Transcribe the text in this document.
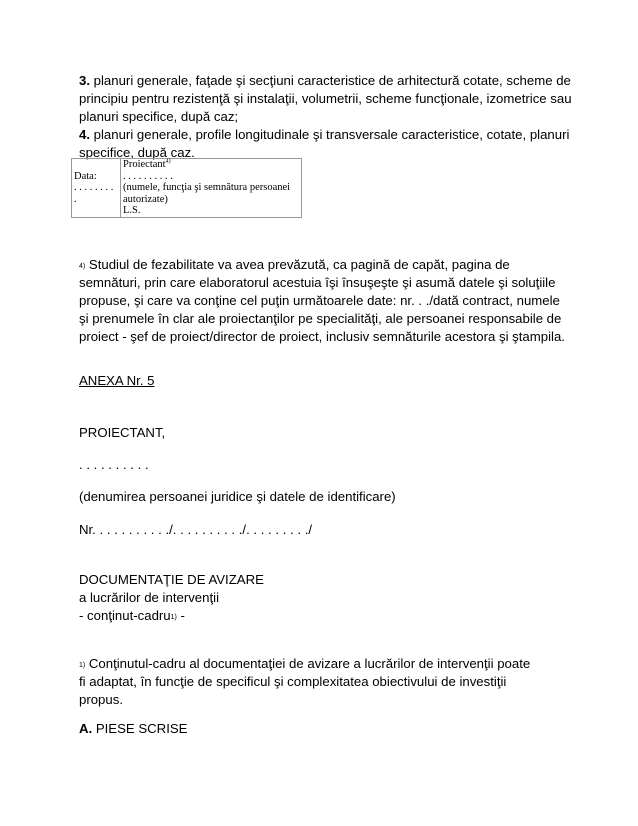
3. planuri generale, faţade şi secţiuni caracteristice de arhitectură cotate, scheme de principiu pentru rezistenţă şi instalaţii, volumetrii, scheme funcţionale, izometrice sau planuri specifice, după caz;

4. planuri generale, profile longitudinale şi transversale caracteristice, cotate, planuri specifice, după caz.

Data:
. . . . . . . . .

Proiectant$^{4)}$
. . . . . . . . . .
(numele, funcţia şi semnătura persoanei autorizate)
L.S.

$^{4)}$ Studiul de fezabilitate va avea prevăzută, ca pagină de capăt, pagina de semnături, prin care elaboratorul acestuia îşi însuşeşte şi asumă datele şi soluţiile propuse, şi care va conţine cel puţin următoarele date: nr. . ./dată contract, numele şi prenumele în clar ale proiectanţilor pe specialităţi, ale persoanei responsabile de proiect - şef de proiect/director de proiect, inclusiv semnăturile acestora şi ştampila.

ANEXA Nr. 5

PROIECTANT,

. . . . . . . . . .

(denumirea persoanei juridice şi datele de identificare)

Nr. . . . . . . . . . ./. . . . . . . . . ./. . . . . . . . ./

DOCUMENTAŢIE DE AVIZARE
a lucrărilor de intervenţii
- conţinut-cadru$^{1)}$ -

$^{1)}$ Conţinutul-cadru al documentaţiei de avizare a lucrărilor de intervenţii poate fi adaptat, în funcţie de specificul şi complexitatea obiectivului de investiţii propus.

A. PIESE SCRISE
